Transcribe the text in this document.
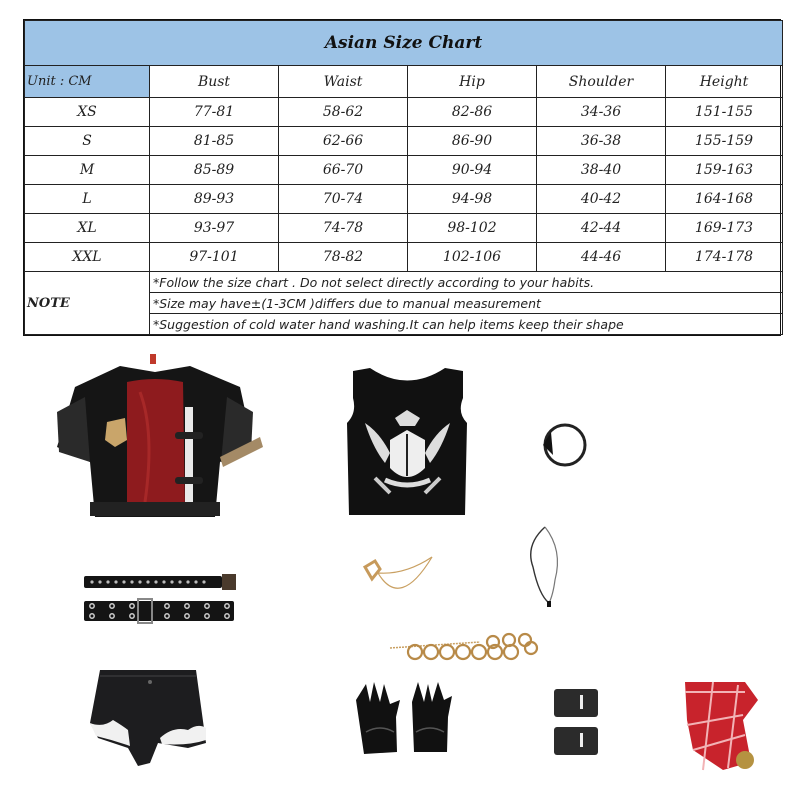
Asian Size Chart					
Unit : CM	Bust	Waist	Hip	Shoulder	Height
XS	77-81	58-62	82-86	34-36	151-155
S	81-85	62-66	86-90	36-38	155-159
M	85-89	66-70	90-94	38-40	159-163
L	89-93	70-74	94-98	40-42	164-168
XL	93-97	74-78	98-102	42-44	169-173
XXL	97-101	78-82	102-106	44-46	174-178
NOTE	*Follow the size chart . Do not select directly according to your habits.				
	*Size may have±(1-3CM )differs due to manual measurement				
	*Suggestion of cold water hand washing.It can help items keep their shape				
